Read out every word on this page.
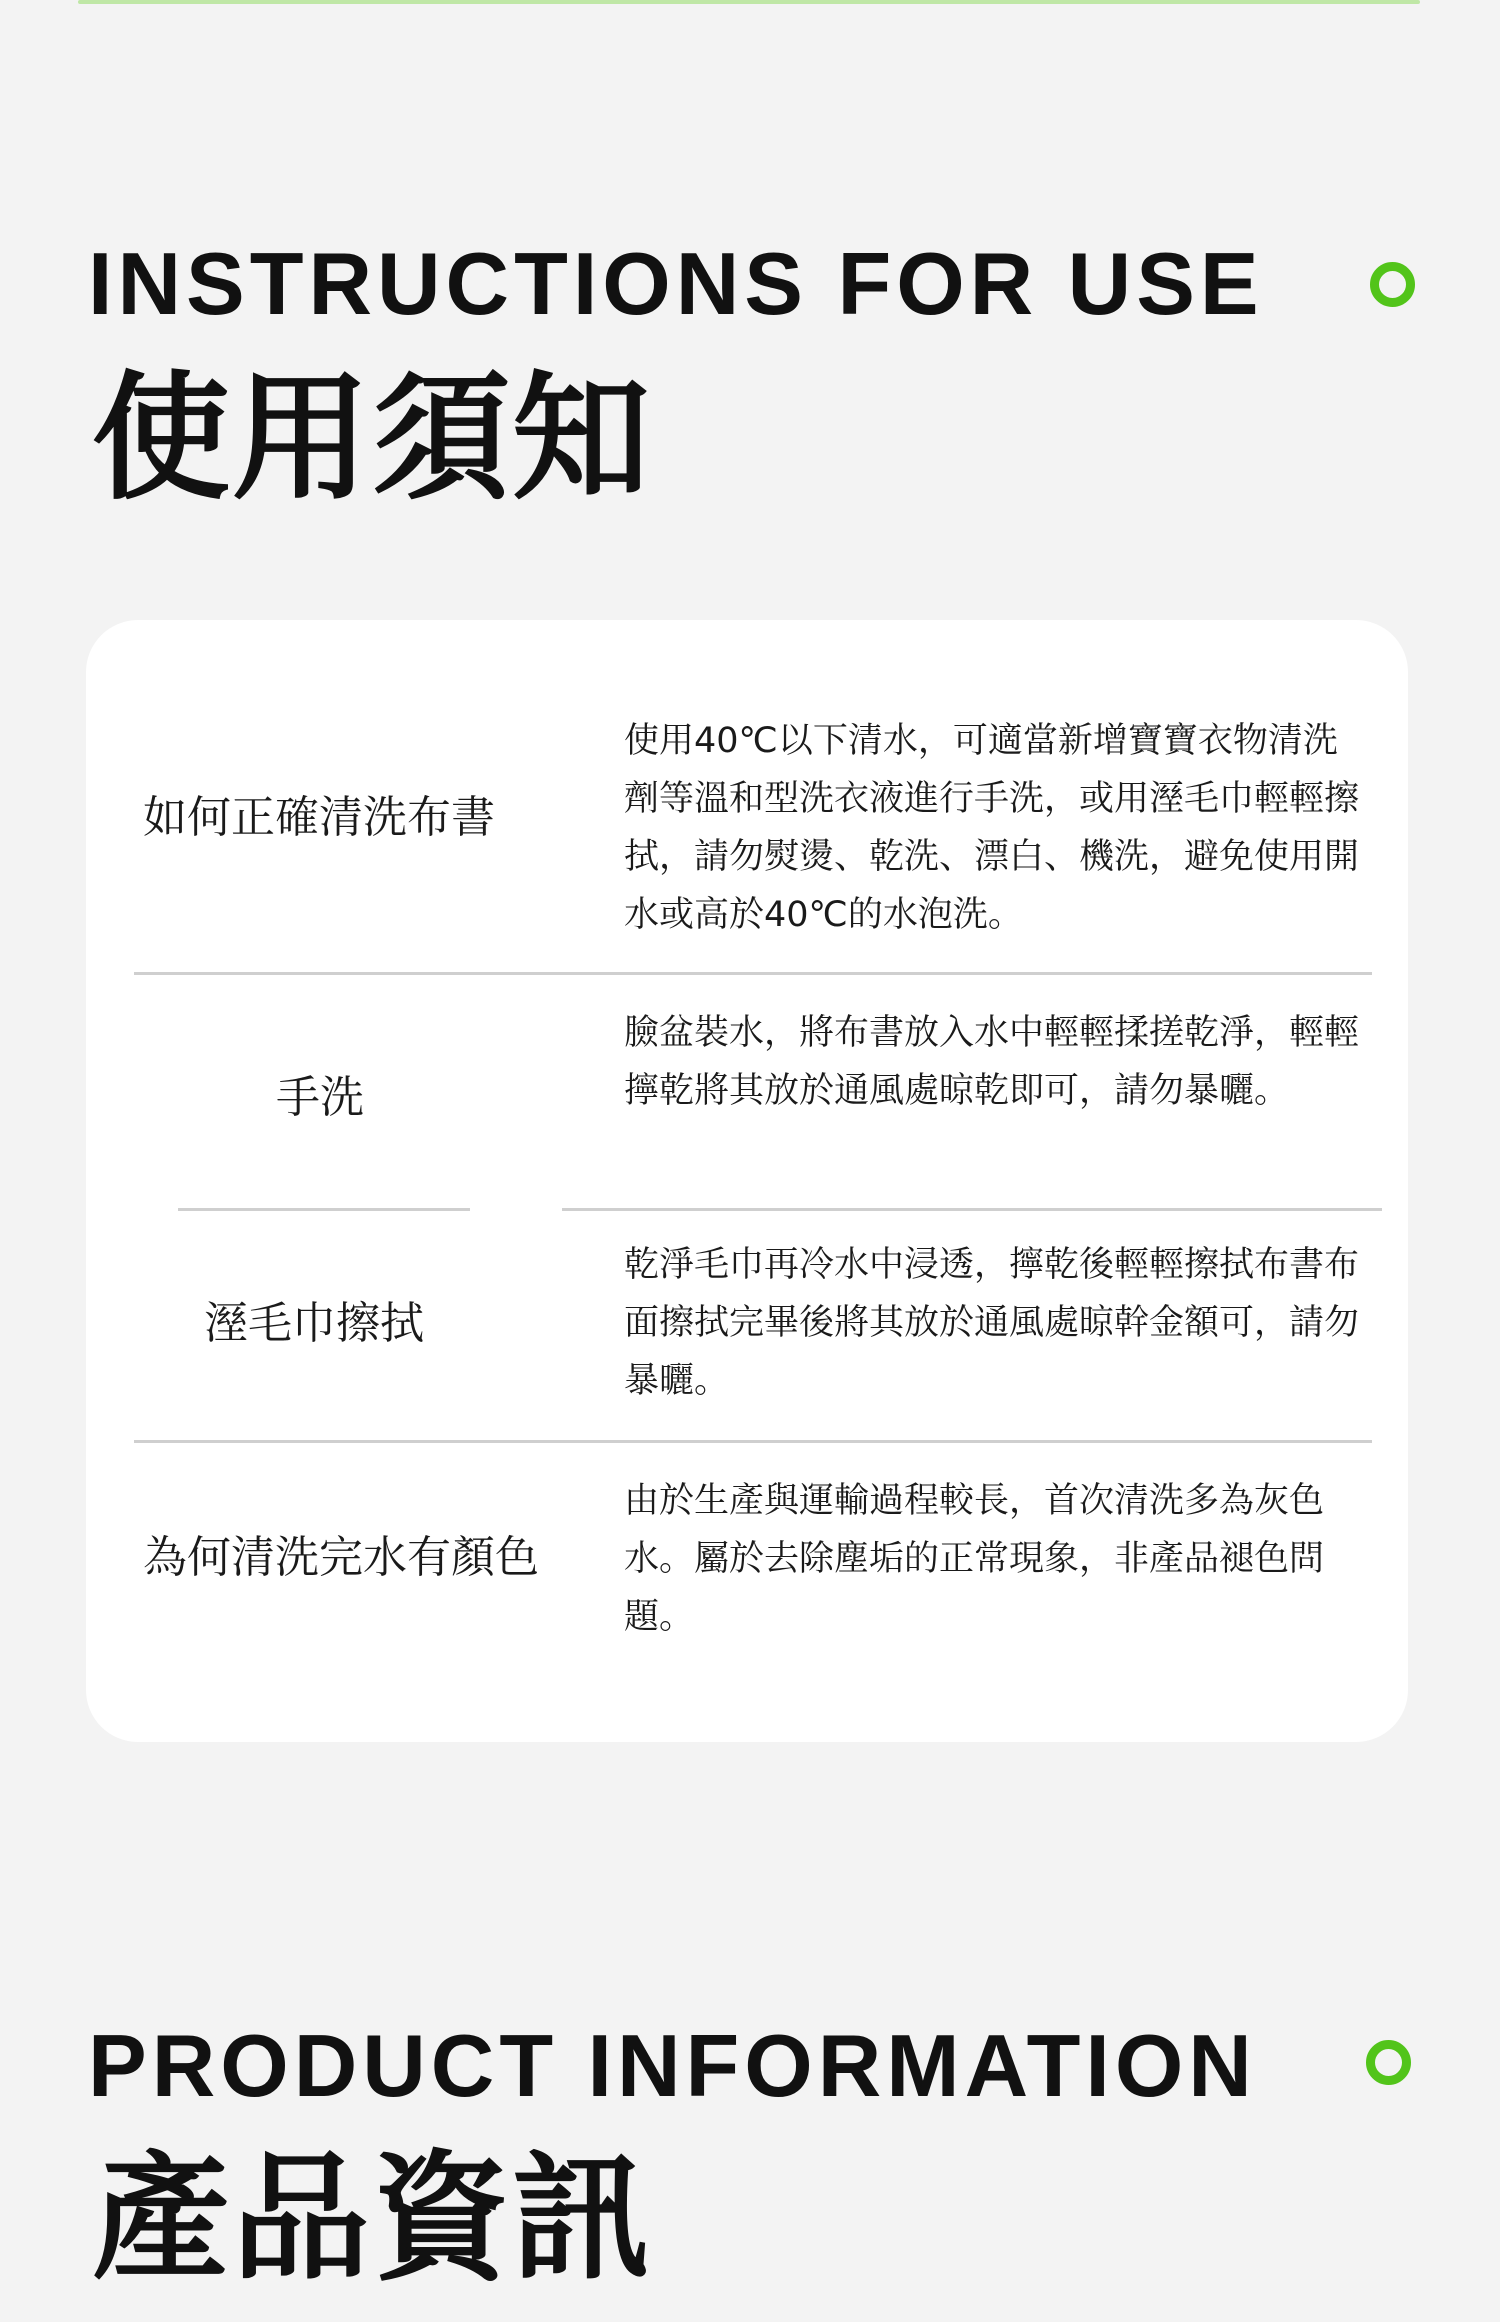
INSTRUCTIONS FOR USE
使用須知
如何正確清洗布書

使用40℃以下清水，可適當新增寶寶衣物清洗劑等溫和型洗衣液進行手洗，或用溼毛巾輕輕擦拭，請勿熨燙、乾洗、漂白、機洗，避免使用開水或高於40℃的水泡洗。

手洗

臉盆裝水，將布書放入水中輕輕揉搓乾淨，輕輕擰乾將其放於通風處晾乾即可，請勿暴曬。

溼毛巾擦拭

乾淨毛巾再冷水中浸透，擰乾後輕輕擦拭布書布面擦拭完畢後將其放於通風處晾幹金額可，請勿暴曬。

為何清洗完水有顏色

由於生產與運輸過程較長，首次清洗多為灰色水。屬於去除塵垢的正常現象，非產品褪色問題。

PRODUCT INFORMATION
產品資訊
